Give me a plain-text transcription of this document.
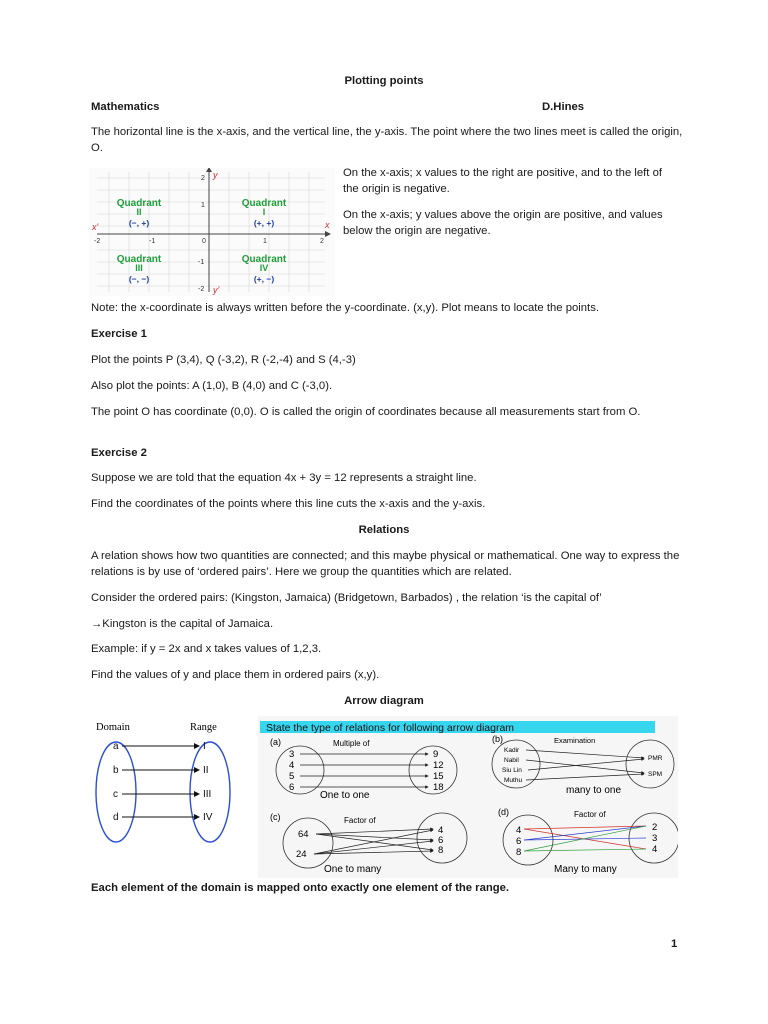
Plotting points
Mathematics	D.Hines
The horizontal line is the x-axis, and the vertical line, the y-axis. The point where the two lines meet is called the origin, O.
y
x'	x
y'
-2	-1	0	1	2
2
1
-1
-2
Quadrant
II
(−, +)
Quadrant
I
(+, +)
Quadrant
III
(−, −)
Quadrant
IV
(+, −)
On the x-axis; x values to the right are positive, and to the left of the origin is negative.
On the x-axis; y values above the origin are positive, and values below the origin are negative.
Note: the x-coordinate is always written before the y-coordinate. (x,y). Plot means to locate the points.
Exercise 1
Plot the points P (3,4), Q (-3,2), R (-2,-4) and S (4,-3)
Also plot the points: A (1,0), B (4,0) and C (-3,0).
The point O has coordinate (0,0). O is called the origin of coordinates because all measurements start from O.
Exercise 2
Suppose we are told that the equation 4x + 3y = 12 represents a straight line.
Find the coordinates of the points where this line cuts the x-axis and the y-axis.
Relations
A relation shows how two quantities are connected; and this maybe physical or mathematical. One way to express the relations is by use of ‘ordered pairs’. Here we group the quantities which are related.
Consider the ordered pairs: (Kingston, Jamaica) (Bridgetown, Barbados) , the relation ‘is the capital of’
→Kingston is the capital of Jamaica.
Example: if y = 2x and x takes values of 1,2,3.
Find the values of y and place them in ordered pairs (x,y).
Arrow diagram
Domain	Range
a
b
c
d
I
II
III
IV
State the type of relations for following arrow diagram
(a)	Multiple of
3
4
5
6
9
12
15
18
One to one
(b)	Examination
Kadir
Nabil
Siu Lin
Muthu
PMR
SPM
many to one
(c)	Factor of
64
24
4
6
8
One to many
(d)	Factor of
4
6
8
2
3
4
Many to many
Each element of the domain is mapped onto exactly one element of the range.
1
